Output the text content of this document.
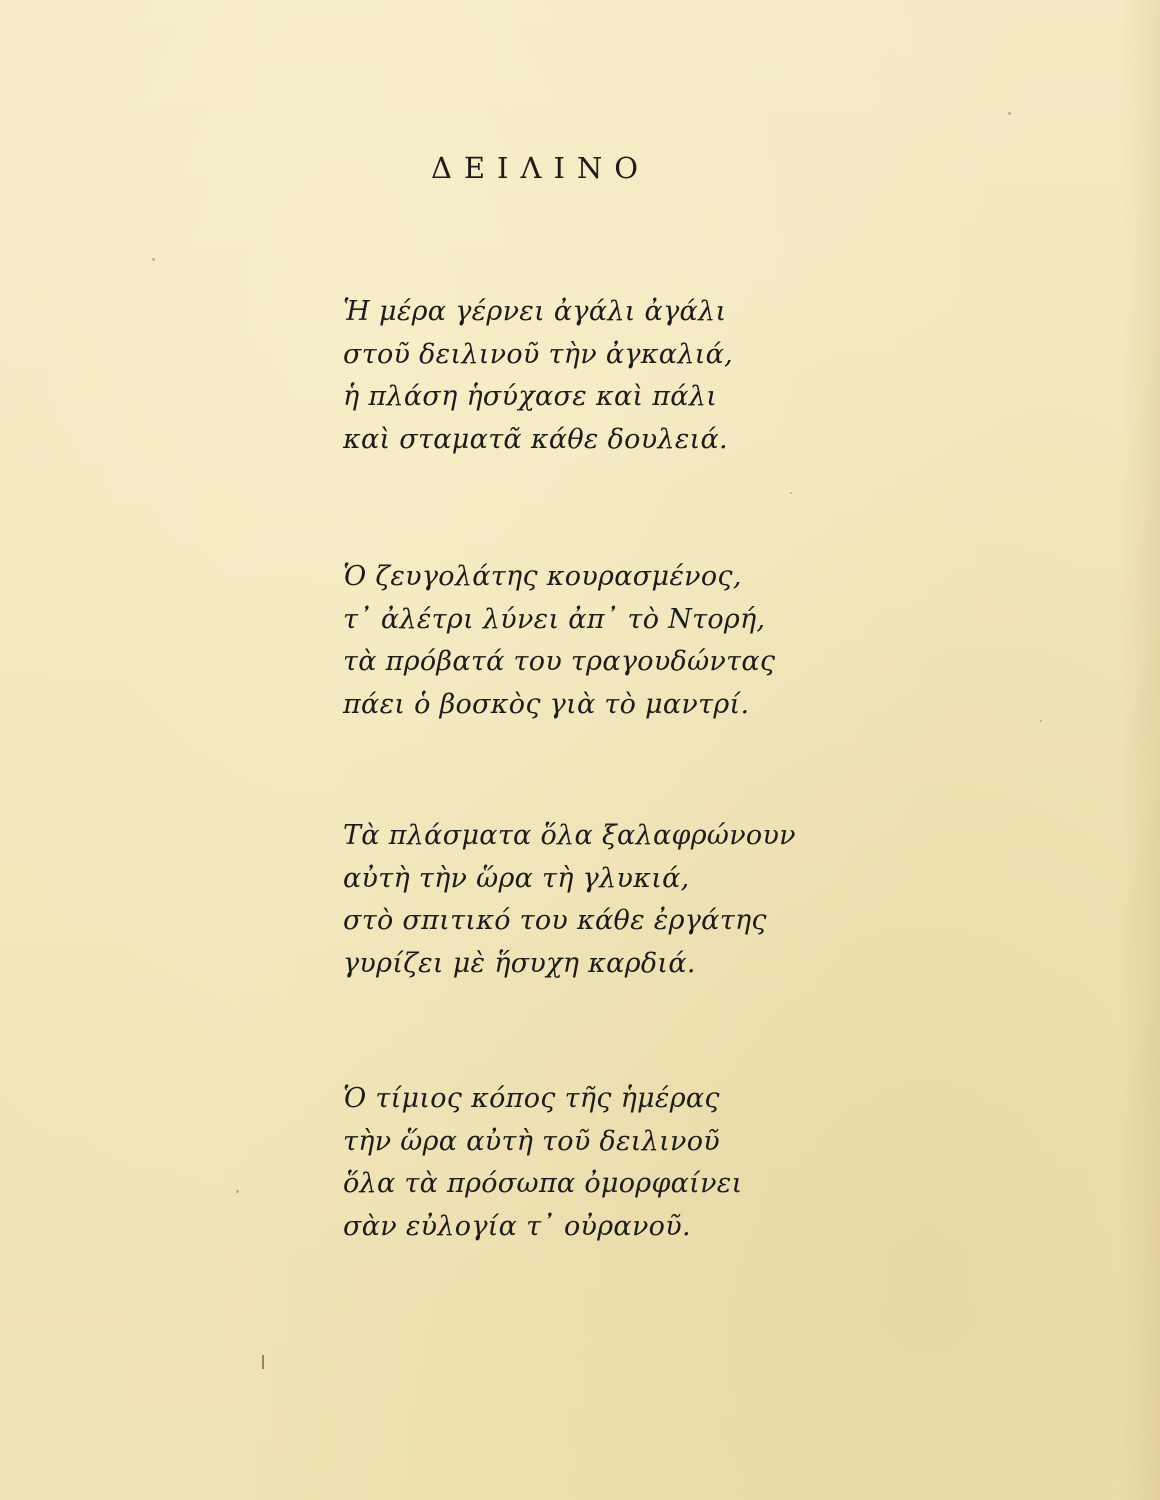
ΔΕΙΛΙΝΟ
Ἡ μέρα γέρνει ἀγάλι ἀγάλι
στοῦ δειλινοῦ τὴν ἀγκαλιά,
ἡ πλάση ἡσύχασε καὶ πάλι
καὶ σταματᾶ κάθε δουλειά.
Ὁ ζευγολάτης κουρασμένος,
τ᾽ ἀλέτρι λύνει ἀπ᾽ τὸ Ντορή,
τὰ πρόβατά του τραγουδώντας
πάει ὁ βοσκὸς γιὰ τὸ μαντρί.
Τὰ πλάσματα ὅλα ξαλαφρώνουν
αὐτὴ τὴν ὥρα τὴ γλυκιά,
στὸ σπιτικό του κάθε ἐργάτης
γυρίζει μὲ ἥσυχη καρδιά.
Ὁ τίμιος κόπος τῆς ἡμέρας
τὴν ὥρα αὐτὴ τοῦ δειλινοῦ
ὅλα τὰ πρόσωπα ὀμορφαίνει
σὰν εὐλογία τ᾽ οὐρανοῦ.
